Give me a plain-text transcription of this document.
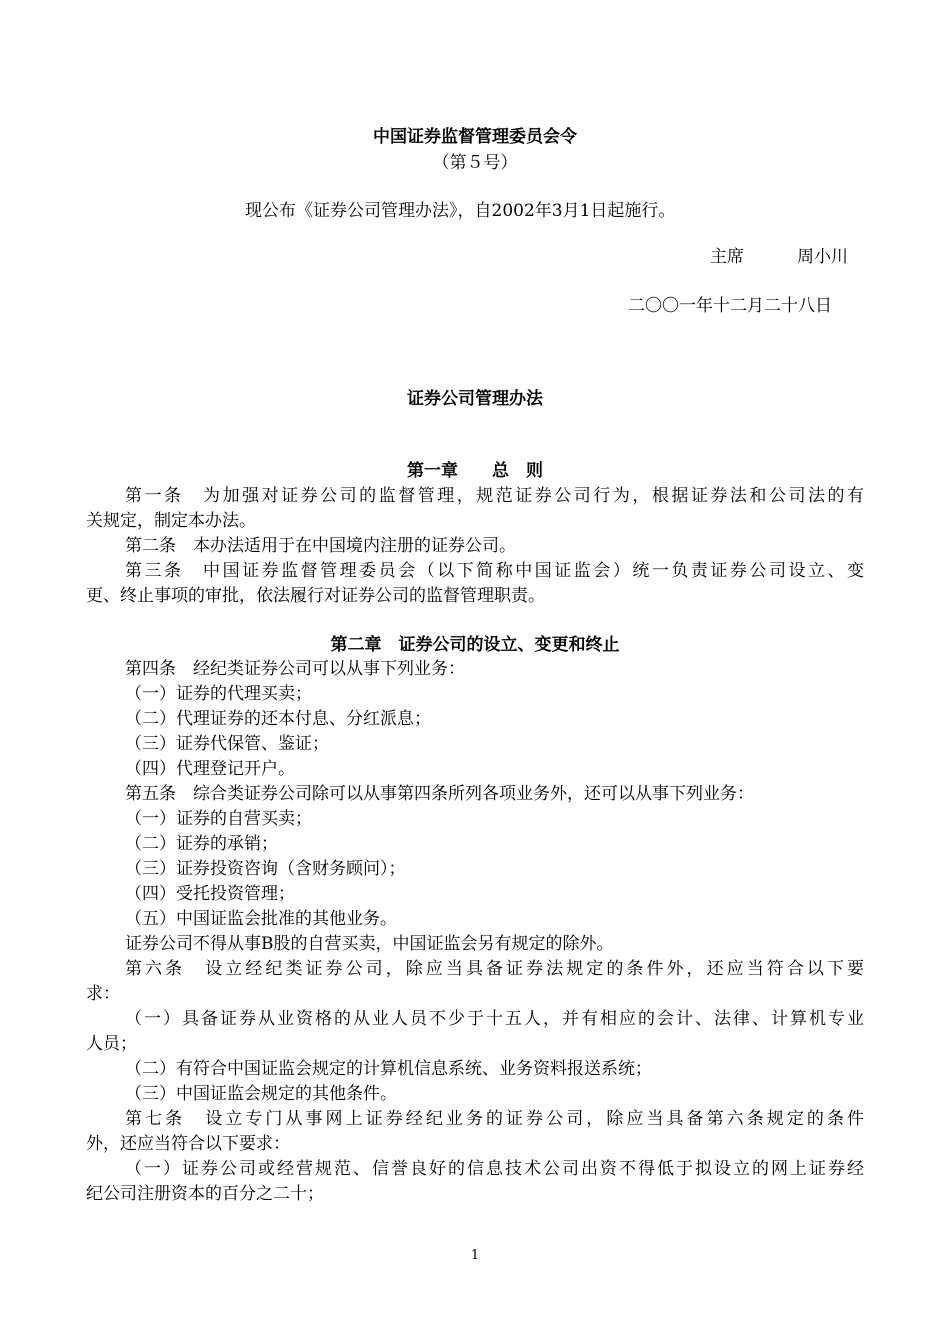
中国证券监督管理委员会令
（第５号）
现公布《证券公司管理办法》，自2002年3月1日起施行。
主席	周小川
二〇〇一年十二月二十八日
证券公司管理办法
第一章　　总　则
第一条　为加强对证券公司的监督管理，规范证券公司行为，根据证券法和公司法的有
关规定，制定本办法。
第二条　本办法适用于在中国境内注册的证券公司。
第三条　中国证券监督管理委员会（以下简称中国证监会）统一负责证券公司设立、变
更、终止事项的审批，依法履行对证券公司的监督管理职责。
第二章　证券公司的设立、变更和终止
第四条　经纪类证券公司可以从事下列业务：
（一）证券的代理买卖；
（二）代理证券的还本付息、分红派息；
（三）证券代保管、鉴证；
（四）代理登记开户。
第五条　综合类证券公司除可以从事第四条所列各项业务外，还可以从事下列业务：
（一）证券的自营买卖；
（二）证券的承销；
（三）证券投资咨询（含财务顾问）；
（四）受托投资管理；
（五）中国证监会批准的其他业务。
证券公司不得从事B股的自营买卖，中国证监会另有规定的除外。
第六条　设立经纪类证券公司，除应当具备证券法规定的条件外，还应当符合以下要
求：
（一）具备证券从业资格的从业人员不少于十五人，并有相应的会计、法律、计算机专业
人员；
（二）有符合中国证监会规定的计算机信息系统、业务资料报送系统；
（三）中国证监会规定的其他条件。
第七条　设立专门从事网上证券经纪业务的证券公司，除应当具备第六条规定的条件
外，还应当符合以下要求：
（一）证券公司或经营规范、信誉良好的信息技术公司出资不得低于拟设立的网上证券经
纪公司注册资本的百分之二十；
1
